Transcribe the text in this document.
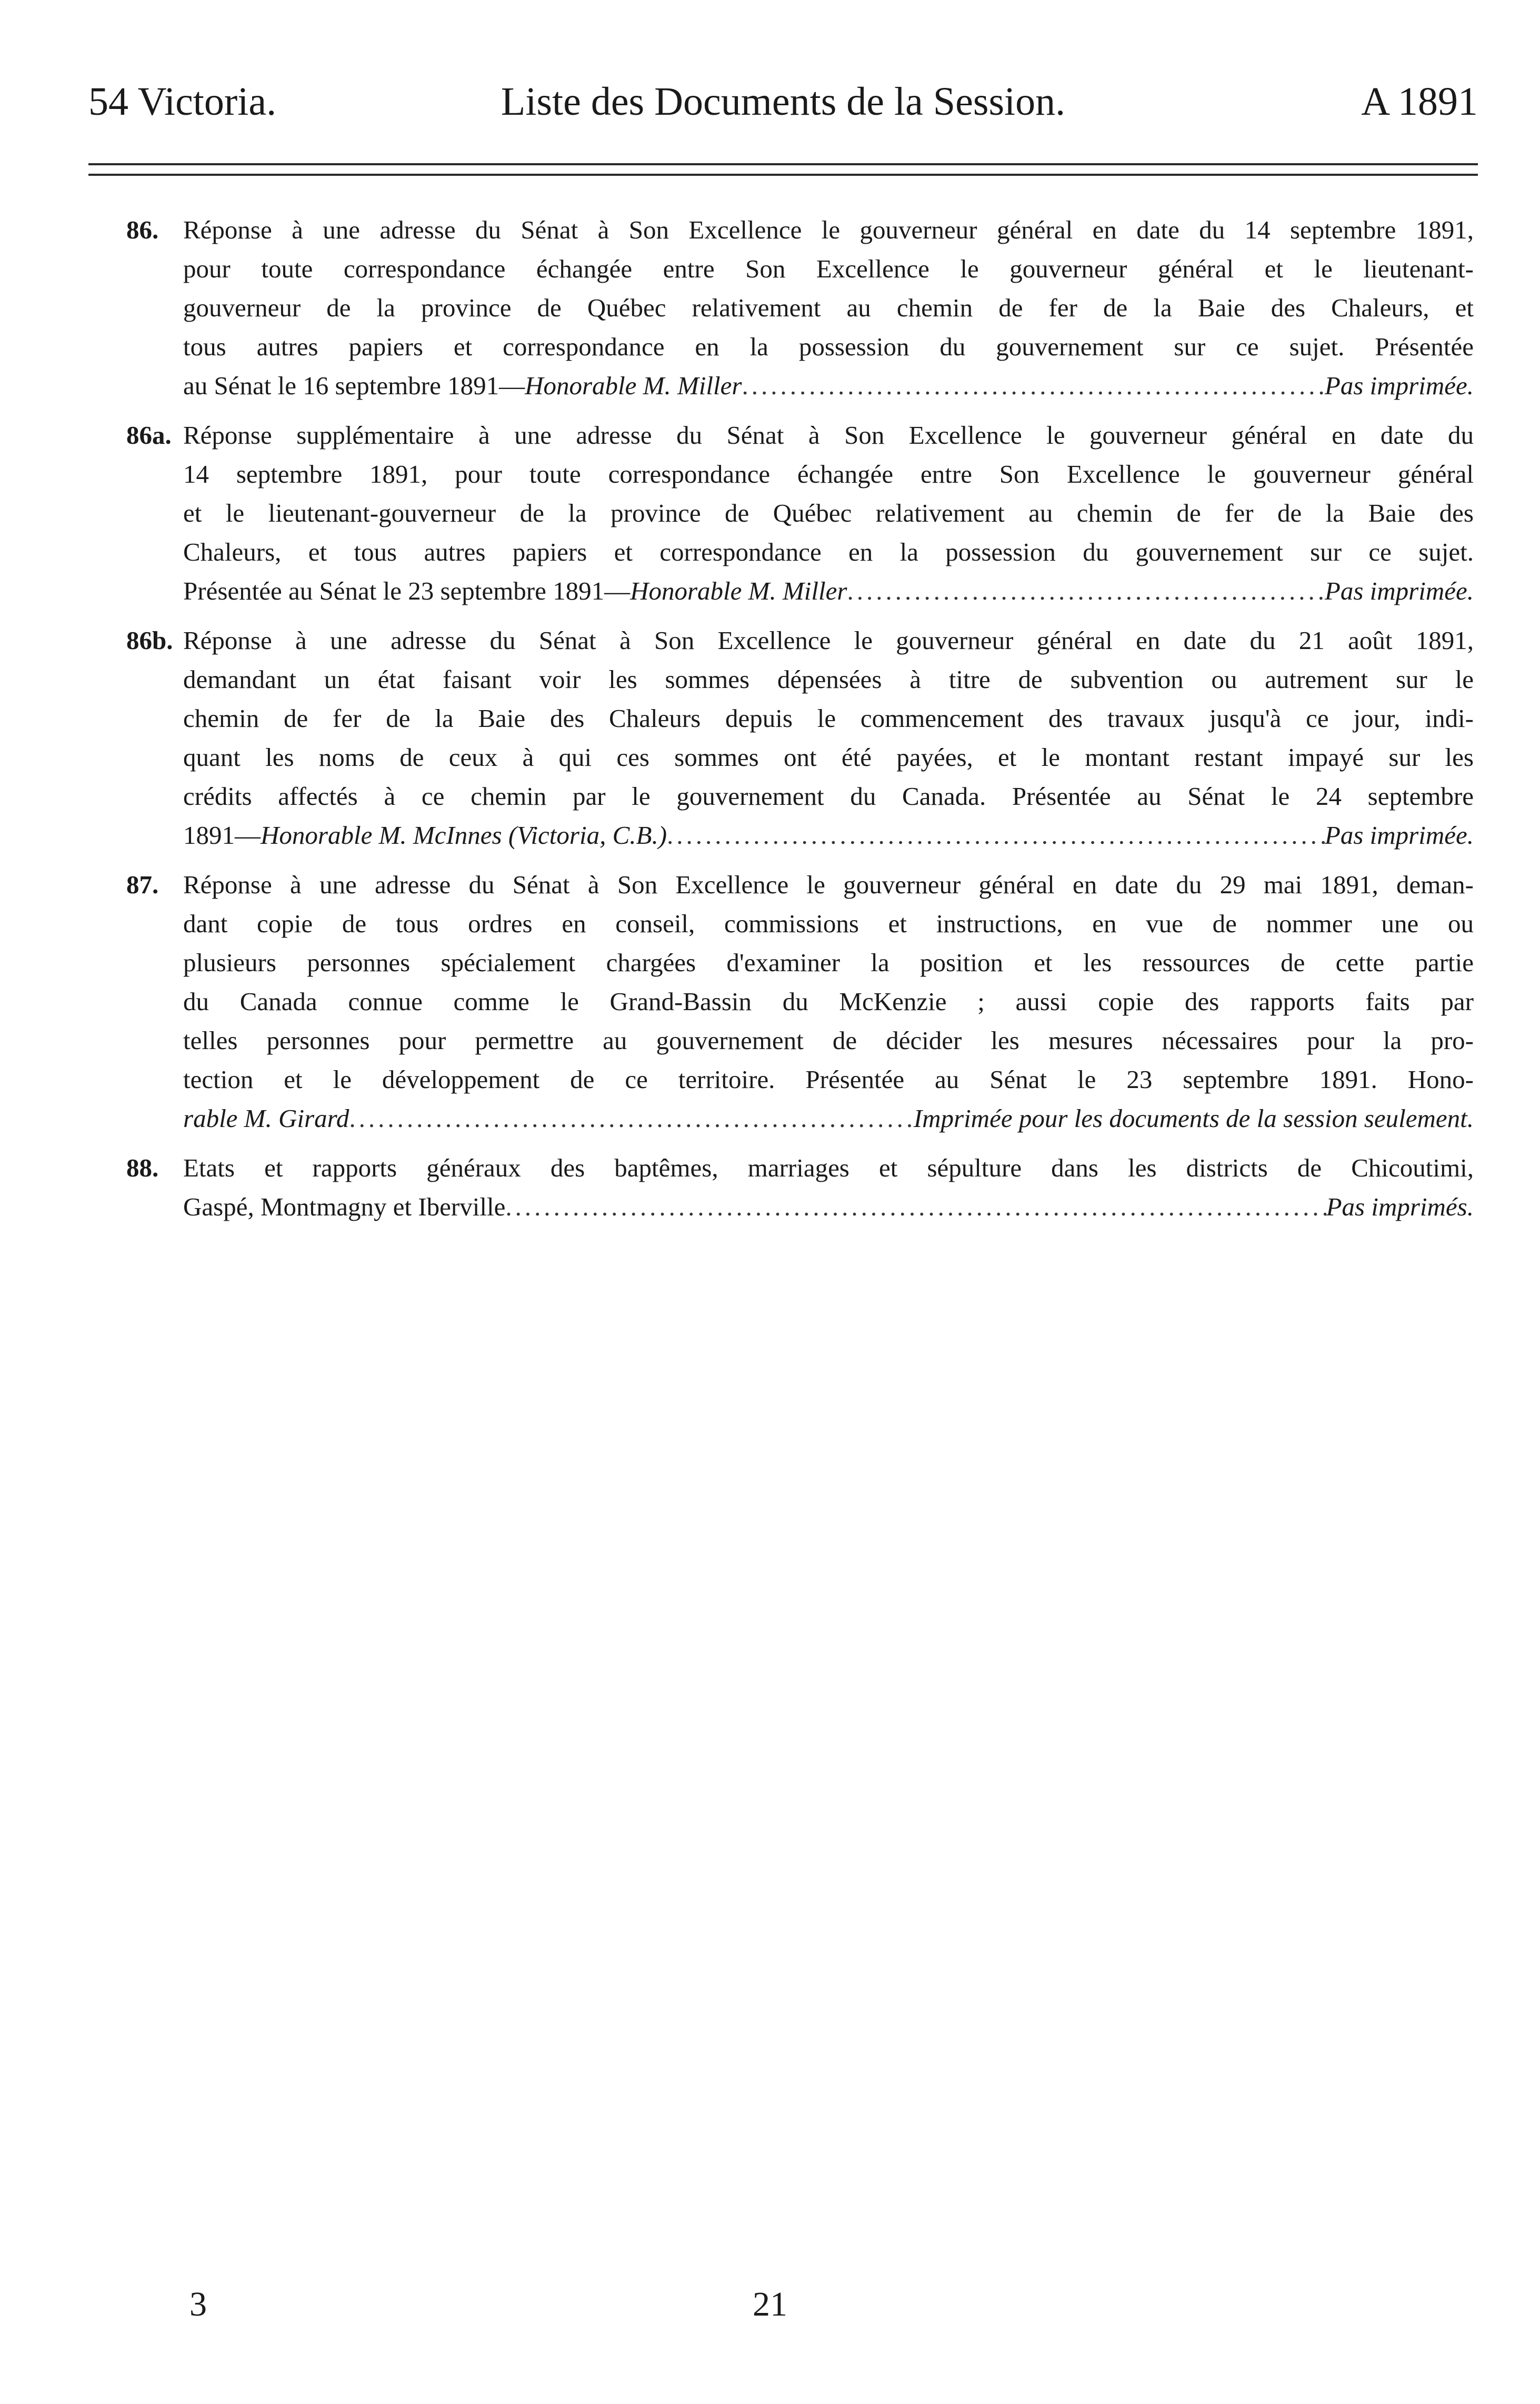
54 Victoria.	Liste des Documents de la Session.	A 1891
86. Réponse à une adresse du Sénat à Son Excellence le gouverneur général en date du 14 septembre 1891,
pour toute correspondance échangée entre Son Excellence le gouverneur général et le lieutenant-
gouverneur de la province de Québec relativement au chemin de fer de la Baie des Chaleurs, et
tous autres papiers et correspondance en la possession du gouvernement sur ce sujet. Présentée
au Sénat le 16 septembre 1891— Honorable M. Miller .....	Pas imprimée.
86a. Réponse supplémentaire à une adresse du Sénat à Son Excellence le gouverneur général en date du
14 septembre 1891, pour toute correspondance échangée entre Son Excellence le gouverneur général
et le lieutenant-gouverneur de la province de Québec relativement au chemin de fer de la Baie des
Chaleurs, et tous autres papiers et correspondance en la possession du gouvernement sur ce sujet.
Présentée au Sénat le 23 septembre 1891— Honorable M. Miller .....	Pas imprimée.
86b. Réponse à une adresse du Sénat à Son Excellence le gouverneur général en date du 21 août 1891,
demandant un état faisant voir les sommes dépensées à titre de subvention ou autrement sur le
chemin de fer de la Baie des Chaleurs depuis le commencement des travaux jusqu'à ce jour, indi-
quant les noms de ceux à qui ces sommes ont été payées, et le montant restant impayé sur les
crédits affectés à ce chemin par le gouvernement du Canada. Présentée au Sénat le 24 septembre
1891— Honorable M. McInnes (Victoria, C.B.) .....	Pas imprimée.
87. Réponse à une adresse du Sénat à Son Excellence le gouverneur général en date du 29 mai 1891, deman-
dant copie de tous ordres en conseil, commissions et instructions, en vue de nommer une ou
plusieurs personnes spécialement chargées d'examiner la position et les ressources de cette partie
du Canada connue comme le Grand-Bassin du McKenzie ; aussi copie des rapports faits par
telles personnes pour permettre au gouvernement de décider les mesures nécessaires pour la pro-
tection et le développement de ce territoire. Présentée au Sénat le 23 septembre 1891. Hono-
rable M. Girard .....	Imprimée pour les documents de la session seulement.
88. Etats et rapports généraux des baptêmes, marriages et sépulture dans les districts de Chicoutimi,
Gaspé, Montmagny et Iberville .....	Pas imprimés.
3	21
